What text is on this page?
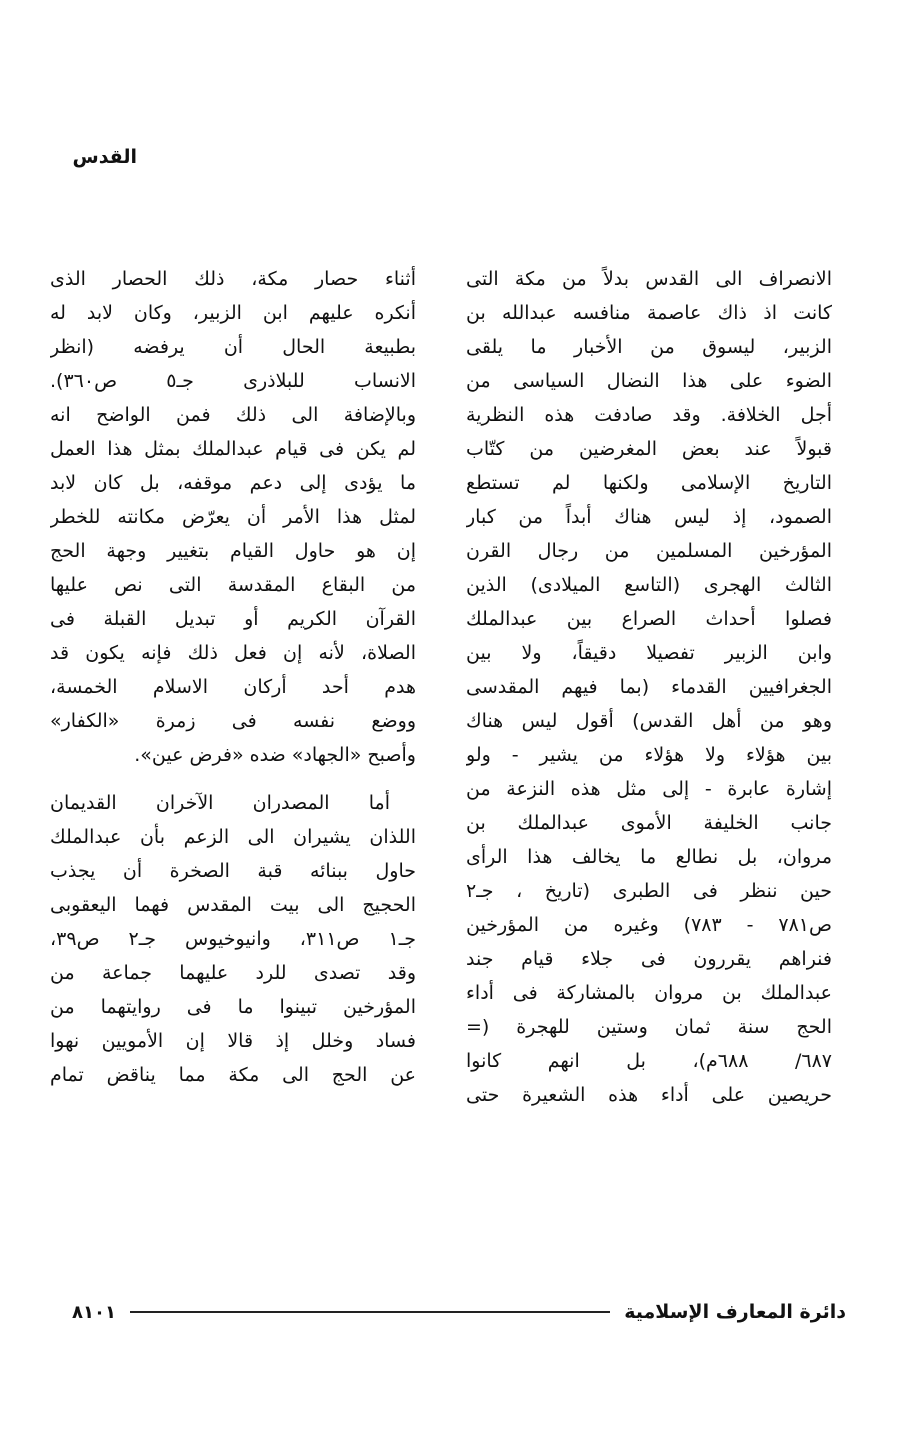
القدس
الانصراف الى القدس بدلاً من مكة التى
كانت اذ ذاك عاصمة منافسه عبدالله بن
الزبير، ليسوق من الأخبار ما يلقى
الضوء على هذا النضال السياسى من
أجل الخلافة. وقد صادفت هذه النظرية
قبولاً عند بعض المغرضين من كتّاب
التاريخ الإسلامى ولكنها لم تستطع
الصمود، إذ ليس هناك أبداً من كبار
المؤرخين المسلمين من رجال القرن
الثالث الهجرى (التاسع الميلادى) الذين
فصلوا أحداث الصراع بين عبدالملك
وابن الزبير تفصيلا دقيقاً، ولا بين
الجغرافيين القدماء (بما فيهم المقدسى
وهو من أهل القدس) أقول ليس هناك
بين هؤلاء ولا هؤلاء من يشير - ولو
إشارة عابرة - إلى مثل هذه النزعة من
جانب الخليفة الأموى عبدالملك بن
مروان، بل نطالع ما يخالف هذا الرأى
حين ننظر فى الطبرى (تاريخ ، جـ٢
ص٧٨١ - ٧٨٣) وغيره من المؤرخين
فنراهم يقررون فى جلاء قيام جند
عبدالملك بن مروان بالمشاركة فى أداء
الحج سنة ثمان وستين للهجرة (=
٦٨٧/ ٦٨٨م)، بل انهم كانوا
حريصين على أداء هذه الشعيرة حتى
أثناء حصار مكة، ذلك الحصار الذى
أنكره عليهم ابن الزبير، وكان لابد له
بطبيعة الحال أن يرفضه (انظر
الانساب للبلاذرى جـ٥ ص٣٦٠).
وبالإضافة الى ذلك فمن الواضح انه
لم يكن فى قيام عبدالملك بمثل هذا العمل
ما يؤدى إلى دعم موقفه، بل كان لابد
لمثل هذا الأمر أن يعرّض مكانته للخطر
إن هو حاول القيام بتغيير وجهة الحج
من البقاع المقدسة التى نص عليها
القرآن الكريم أو تبديل القبلة فى
الصلاة، لأنه إن فعل ذلك فإنه يكون قد
هدم أحد أركان الاسلام الخمسة،
ووضع نفسه فى زمرة «الكفار»
وأصبح «الجهاد» ضده «فرض عين».
أما المصدران الآخران القديمان
اللذان يشيران الى الزعم بأن عبدالملك
حاول ببنائه قبة الصخرة أن يجذب
الحجيج الى بيت المقدس فهما اليعقوبى
جـ١ ص٣١١، وانيوخيوس جـ٢ ص٣٩،
وقد تصدى للرد عليهما جماعة من
المؤرخين تبينوا ما فى روايتهما من
فساد وخلل إذ قالا إن الأمويين نهوا
عن الحج الى مكة مما يناقض تمام
دائرة المعارف الإسلامية
٨١٠١
